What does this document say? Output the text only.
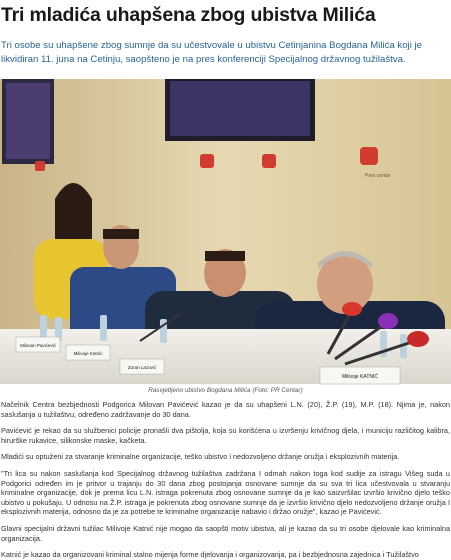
Tri mladića uhapšena zbog ubistva Milića

Tri osobe su uhapšene zbog sumnje da su učestvovale u ubistvu Cetinjanina Bogdana Milića koji je likvidiran 11. juna na Cetinju, saopšteno je na pres konferenciji Specijalnog državnog tužilaštva.

Pres centar
Milovan Pavićević
Milivoje Katnić
Zoran Lazović
Milivoje KATNIĆ
Rasvjetljeno ubistvo Bogdana Milića (Foto: PR Centar)

Načelnik Centra bezbjednosti Podgorica Milovan Pavićević kazao je da su uhapšeni L.N. (20), Ž.P. (19), M.P. (18). Njima je, nakon saslušanja u tužilaštvu, određeno zadržavanje do 30 dana.

Pavićević je rekao da su službenici policije pronašli dva pištolja, koja su korišćena u izvršenju krivičnog djela, i municiju različitog kalibra, hirurške rukavice, silikonske maske, kačketa.

Mladići su optuženi za stvaranje kriminalne organizacije, teško ubistvo i nedozvoljeno držanje oružja i eksplozivnih materija.

"Tri lica su nakon saslušanja kod Specijalnog državnog tužilaštva zadržana I odmah nakon toga kod sudije za istragu Višeg suda u Podgorici određen im je pritvor u trajanju do 30 dana zbog postojanja osnovane sumnje da su sva tri lica učestvovala u stvaranju kriminalne organizacije, dok je prema licu L.N. istraga pokrenuta zbog osnovane sumnje da je kao saizvršilac izvršio krivično djelo teško ubistvo u pokušaju. U odnosu na Ž.P. istraga je pokrenuta zbog osnovane sumnje da je izvršio krivično djelo nedozvoljeno držanje oružja I eksplozivnih materija, odnosno da je za potrebe te kriminalne organizacije nabavio i držao oružje", kazao je Pavićević.

Glavni specijalni državni tužilac Milivoje Katnić nije mogao da saopšti motiv ubistva, ali je kazao da su tri osobe djelovale kao kriminalna organizacija.

Katnić je kazao da organizovani kriminal stalno mijenja forme djelovanja i organizovanja, pa i bezbjednosna zajednica i Tužilaštvo
